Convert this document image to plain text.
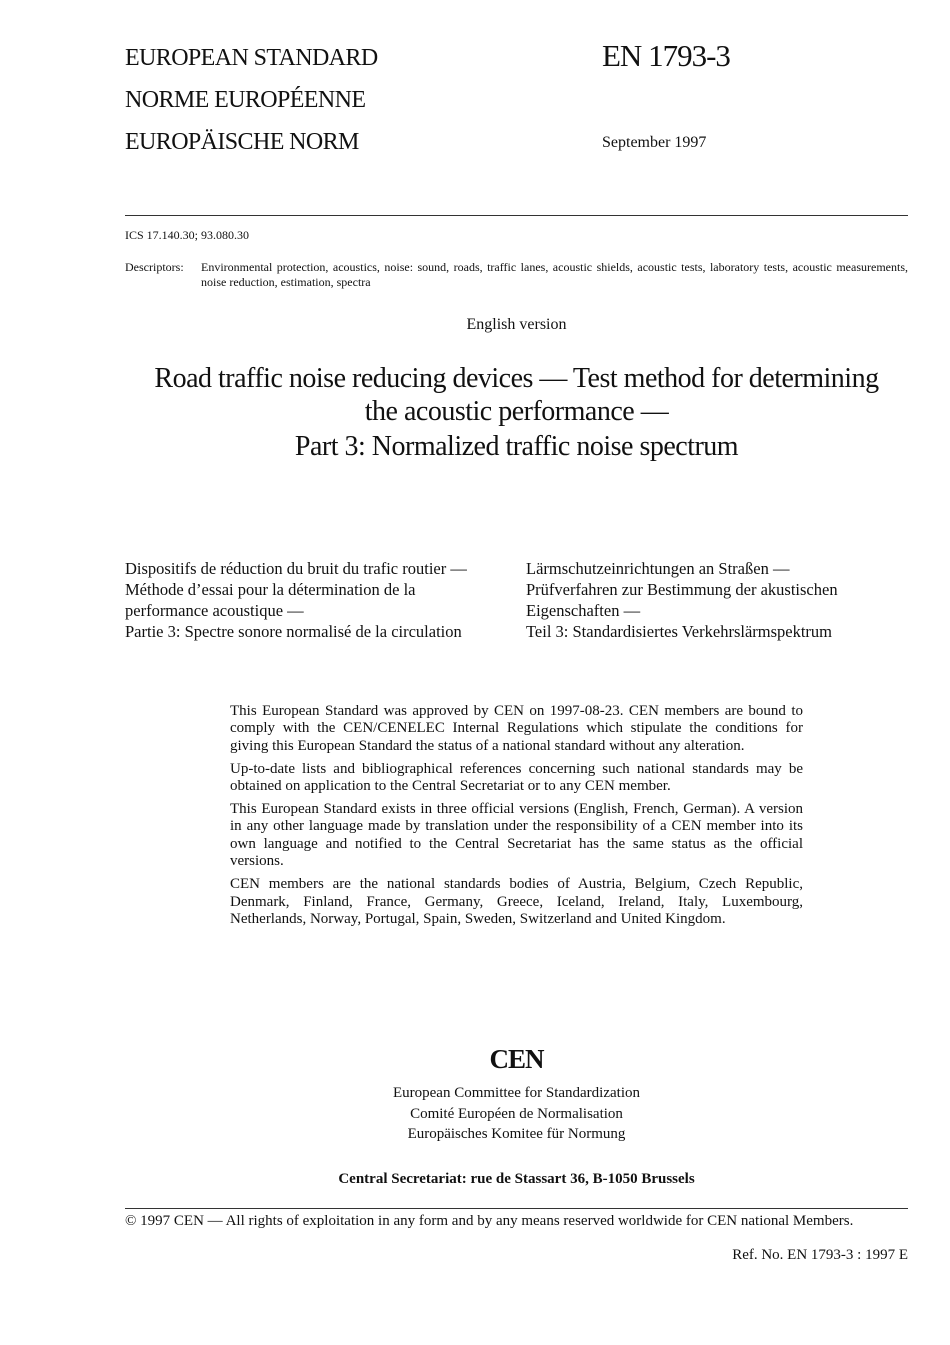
EUROPEAN STANDARD
NORME EUROPÉENNE
EUROPÄISCHE NORM
EN 1793-3
September 1997
ICS 17.140.30; 93.080.30
Descriptors: Environmental protection, acoustics, noise: sound, roads, traffic lanes, acoustic shields, acoustic tests, laboratory tests, acoustic measurements, noise reduction, estimation, spectra
English version
Road traffic noise reducing devices — Test method for determining
the acoustic performance —
Part 3: Normalized traffic noise spectrum
Dispositifs de réduction du bruit du trafic routier —
Méthode d’essai pour la détermination de la
performance acoustique —
Partie 3: Spectre sonore normalisé de la circulation
Lärmschutzeinrichtungen an Straßen —
Prüfverfahren zur Bestimmung der akustischen
Eigenschaften —
Teil 3: Standardisiertes Verkehrslärmspektrum

This European Standard was approved by CEN on 1997-08-23. CEN members are bound to comply with the CEN/CENELEC Internal Regulations which stipulate the conditions for giving this European Standard the status of a national standard without any alteration.

Up-to-date lists and bibliographical references concerning such national standards may be obtained on application to the Central Secretariat or to any CEN member.

This European Standard exists in three official versions (English, French, German). A version in any other language made by translation under the responsibility of a CEN member into its own language and notified to the Central Secretariat has the same status as the official versions.

CEN members are the national standards bodies of Austria, Belgium, Czech Republic, Denmark, Finland, France, Germany, Greece, Iceland, Ireland, Italy, Luxembourg, Netherlands, Norway, Portugal, Spain, Sweden, Switzerland and United Kingdom.

CEN
European Committee for Standardization
Comité Européen de Normalisation
Europäisches Komitee für Normung
Central Secretariat: rue de Stassart 36, B-1050 Brussels
© 1997 CEN — All rights of exploitation in any form and by any means reserved worldwide for CEN national Members.
Ref. No. EN 1793-3 : 1997 E
